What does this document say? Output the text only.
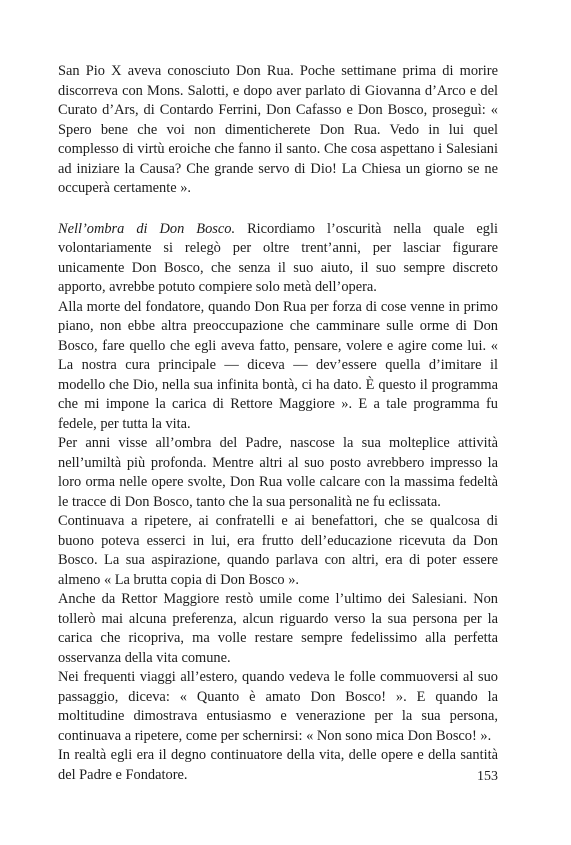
San Pio X aveva conosciuto Don Rua. Poche settimane prima di morire discorreva con Mons. Salotti, e dopo aver parlato di Giovanna d’Arco e del Curato d’Ars, di Contardo Ferrini, Don Cafasso e Don Bosco, proseguì: « Spero bene che voi non dimenticherete Don Rua. Vedo in lui quel complesso di virtù eroiche che fanno il santo. Che cosa aspettano i Salesiani ad iniziare la Causa? Che grande servo di Dio! La Chiesa un giorno se ne occuperà certamente ».

Nell’ombra di Don Bosco. Ricordiamo l’oscurità nella quale egli volontariamente si relegò per oltre trent’anni, per lasciar figurare unicamente Don Bosco, che senza il suo aiuto, il suo sempre discreto apporto, avrebbe potuto compiere solo metà dell’opera.

Alla morte del fondatore, quando Don Rua per forza di cose venne in primo piano, non ebbe altra preoccupazione che camminare sulle orme di Don Bosco, fare quello che egli aveva fatto, pensare, volere e agire come lui. « La nostra cura principale — diceva — dev’essere quella d’imitare il modello che Dio, nella sua infinita bontà, ci ha dato. È questo il programma che mi impone la carica di Rettore Maggiore ». E a tale programma fu fedele, per tutta la vita.

Per anni visse all’ombra del Padre, nascose la sua molteplice attività nell’umiltà più profonda. Mentre altri al suo posto avrebbero impresso la loro orma nelle opere svolte, Don Rua volle calcare con la massima fedeltà le tracce di Don Bosco, tanto che la sua personalità ne fu eclissata.

Continuava a ripetere, ai confratelli e ai benefattori, che se qualcosa di buono poteva esserci in lui, era frutto dell’educazione ricevuta da Don Bosco. La sua aspirazione, quando parlava con altri, era di poter essere almeno « La brutta copia di Don Bosco ».

Anche da Rettor Maggiore restò umile come l’ultimo dei Salesiani. Non tollerò mai alcuna preferenza, alcun riguardo verso la sua persona per la carica che ricopriva, ma volle restare sempre fedelissimo alla perfetta osservanza della vita comune.

Nei frequenti viaggi all’estero, quando vedeva le folle commuoversi al suo passaggio, diceva: « Quanto è amato Don Bosco! ». E quando la moltitudine dimostrava entusiasmo e venerazione per la sua persona, continuava a ripetere, come per schernirsi: « Non sono mica Don Bosco! ».

In realtà egli era il degno continuatore della vita, delle opere e della santità del Padre e Fondatore.	153
